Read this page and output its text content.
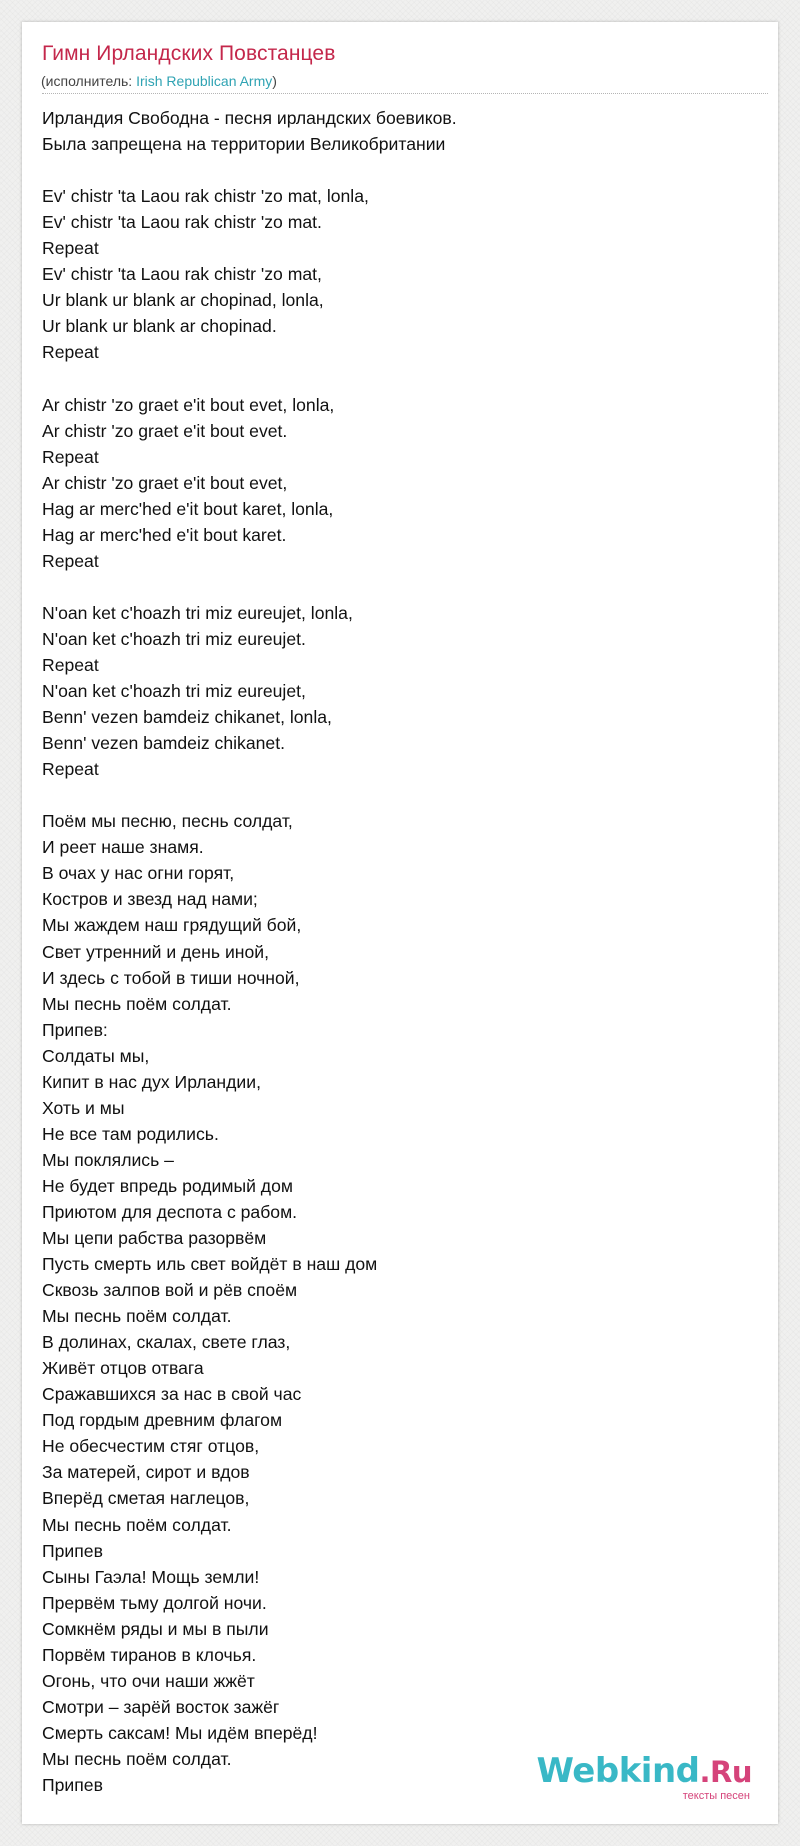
Гимн Ирландских Повстанцев
(исполнитель: Irish Republican Army)
Ирландия Свободна - песня ирландских боевиков.
Была запрещена на территории Великобритании
Ev' chistr 'ta Laou rak chistr 'zo mat, lonla,
Ev' chistr 'ta Laou rak chistr 'zo mat.
Repeat
Ev' chistr 'ta Laou rak chistr 'zo mat,
Ur blank ur blank ar chopinad, lonla,
Ur blank ur blank ar chopinad.
Repeat
Ar chistr 'zo graet e'it bout evet, lonla,
Ar chistr 'zo graet e'it bout evet.
Repeat
Ar chistr 'zo graet e'it bout evet,
Hag ar merc'hed e'it bout karet, lonla,
Hag ar merc'hed e'it bout karet.
Repeat
N'oan ket c'hoazh tri miz eureujet, lonla,
N'oan ket c'hoazh tri miz eureujet.
Repeat
N'oan ket c'hoazh tri miz eureujet,
Benn' vezen bamdeiz chikanet, lonla,
Benn' vezen bamdeiz chikanet.
Repeat
Поём мы песню, песнь солдат,
И реет наше знамя.
В очах у нас огни горят,
Костров и звезд над нами;
Мы жаждем наш грядущий бой,
Свет утренний и день иной,
И здесь с тобой в тиши ночной,
Мы песнь поём солдат.
Припев:
Солдаты мы,
Кипит в нас дух Ирландии,
Хоть и мы
Не все там родились.
Мы поклялись –
Не будет впредь родимый дом
Приютом для деспота с рабом.
Мы цепи рабства разорвём
Пусть смерть иль свет войдёт в наш дом
Сквозь залпов вой и рёв споём
Мы песнь поём солдат.
В долинах, скалах, свете глаз,
Живёт отцов отвага
Сражавшихся за нас в свой час
Под гордым древним флагом
Не обесчестим стяг отцов,
За матерей, сирот и вдов
Вперёд сметая наглецов,
Мы песнь поём солдат.
Припев
Сыны Гаэла! Мощь земли!
Прервём тьму долгой ночи.
Сомкнём ряды и мы в пыли
Порвём тиранов в клочья.
Огонь, что очи наши жжёт
Смотри – зарёй восток зажёг
Смерть саксам! Мы идём вперёд!
Мы песнь поём солдат.
Припев	Webkind.Ru
тексты песен
